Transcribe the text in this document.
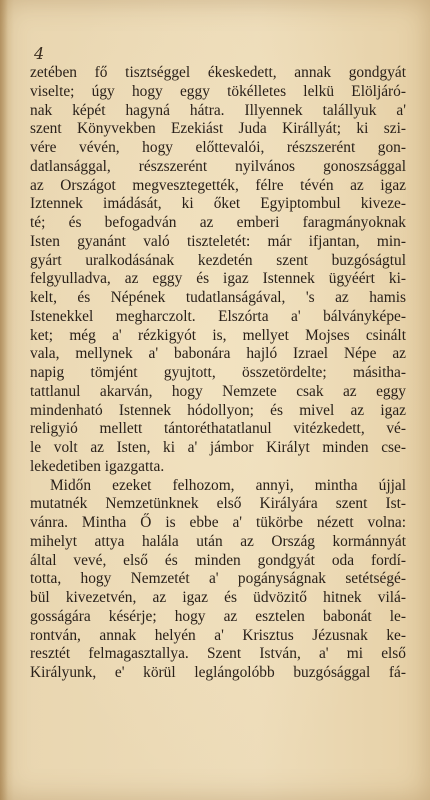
4
zetében fő tisztséggel ékeskedett, annak gondgyát
viselte; úgy hogy eggy tökélletes lelkü Elöljáró-
nak képét hagyná hátra. Illyennek talállyuk a'
szent Könyvekben Ezekiást Juda Királlyát; ki szi-
vére vévén, hogy előttevalói, részszerént gon-
datlansággal, részszerént nyilvános gonoszsággal
az Országot megvesztegették, félre tévén az igaz
Iztennek imádását, ki őket Egyiptombul kiveze-
té; és befogadván az emberi faragmányoknak
Isten gyanánt való tiszteletét: már ifjantan, min-
gyárt uralkodásának kezdetén szent buzgóságtul
felgyulladva, az eggy és igaz Istennek ügyéért ki-
kelt, és Népének tudatlanságával, 's az hamis
Istenekkel megharczolt. Elszórta a' bálványképe-
ket; még a' rézkigyót is, mellyet Mojses csinált
vala, mellynek a' babonára hajló Izrael Népe az
napig tömjént gyujtott, összetördelte; másitha-
tattlanul akarván, hogy Nemzete csak az eggy
mindenható Istennek hódollyon; és mivel az igaz
religyió mellett tántoréthatatlanul vitézkedett, vé-
le volt az Isten, ki a' jámbor Királyt minden cse-
lekedetiben igazgatta.
Midőn ezeket felhozom, annyi, mintha újjal
mutatnék Nemzetünknek első Királyára szent Ist-
vánra. Mintha Ő is ebbe a' tükörbe nézett volna:
mihelyt attya halála után az Ország kormánnyát
által vevé, első és minden gondgyát oda fordí-
totta, hogy Nemzetét a' pogányságnak setétségé-
bül kivezetvén, az igaz és üdvözitő hitnek vilá-
gosságára késérje; hogy az esztelen babonát le-
rontván, annak helyén a' Krisztus Jézusnak ke-
resztét felmagasztallya. Szent István, a' mi első
Királyunk, e' körül leglángolóbb buzgósággal fá-
